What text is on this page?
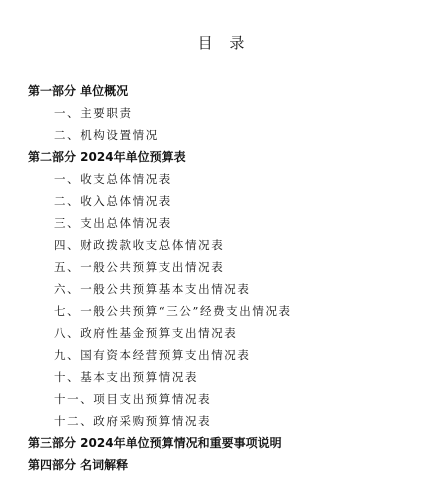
目 录
第一部分 单位概况
一、主要职责
二、机构设置情况
第二部分 2024年单位预算表
一、收支总体情况表
二、收入总体情况表
三、支出总体情况表
四、财政拨款收支总体情况表
五、一般公共预算支出情况表
六、一般公共预算基本支出情况表
七、一般公共预算“三公”经费支出情况表
八、政府性基金预算支出情况表
九、国有资本经营预算支出情况表
十、基本支出预算情况表
十一、项目支出预算情况表
十二、政府采购预算情况表
第三部分 2024年单位预算情况和重要事项说明
第四部分 名词解释
